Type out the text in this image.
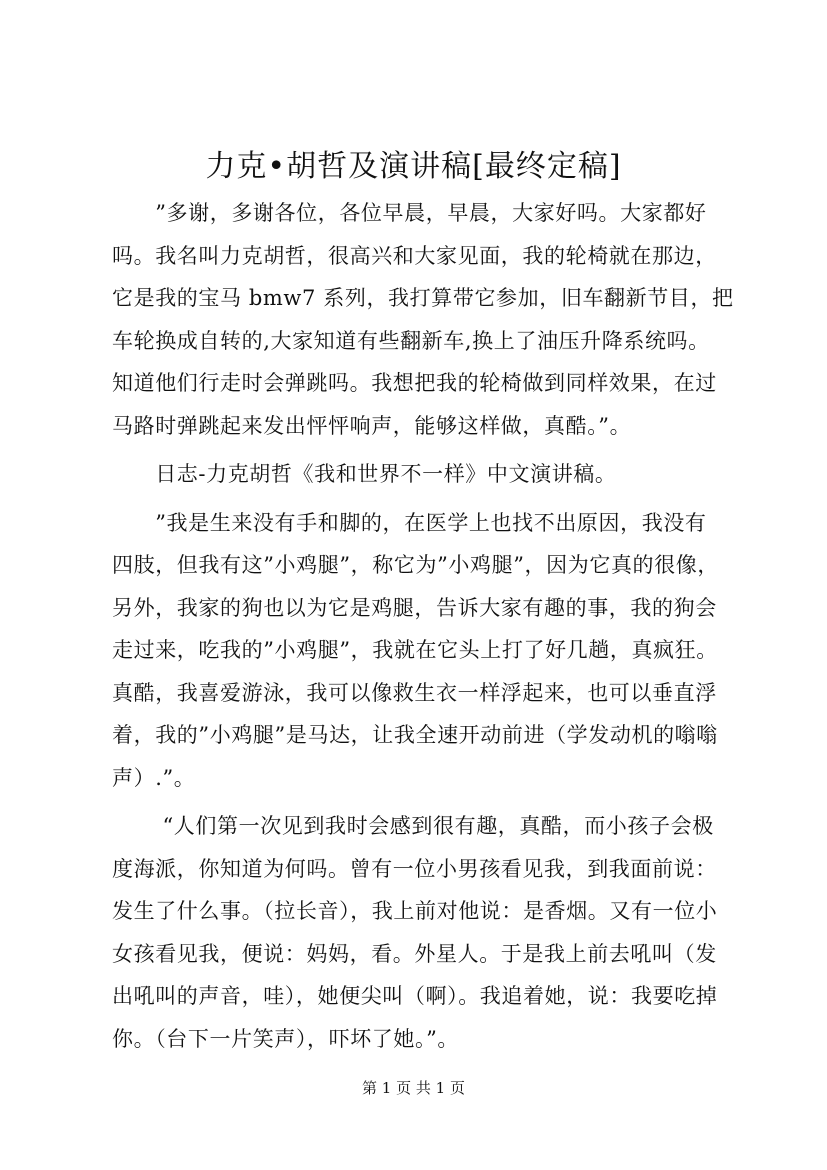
力克•胡哲及演讲稿[最终定稿]
　　”多谢，多谢各位，各位早晨，早晨，大家好吗。大家都好
吗。我名叫力克胡哲，很高兴和大家见面，我的轮椅就在那边，
它是我的宝马 bmw7 系列，我打算带它参加，旧车翻新节目，把
车轮换成自转的,大家知道有些翻新车,换上了油压升降系统吗。
知道他们行走时会弹跳吗。我想把我的轮椅做到同样效果，在过
马路时弹跳起来发出怦怦响声，能够这样做，真酷。”。
　　日志-力克胡哲《我和世界不一样》中文演讲稿。
　　”我是生来没有手和脚的，在医学上也找不出原因，我没有
四肢，但我有这”小鸡腿”，称它为”小鸡腿”，因为它真的很像，
另外，我家的狗也以为它是鸡腿，告诉大家有趣的事，我的狗会
走过来，吃我的”小鸡腿”，我就在它头上打了好几趟，真疯狂。
真酷，我喜爱游泳，我可以像救生衣一样浮起来，也可以垂直浮
着，我的”小鸡腿”是马达，让我全速开动前进（学发动机的嗡嗡
声）.”。
　　 “人们第一次见到我时会感到很有趣，真酷，而小孩子会极
度海派，你知道为何吗。曾有一位小男孩看见我，到我面前说：
发生了什么事。（拉长音），我上前对他说：是香烟。又有一位小
女孩看见我，便说：妈妈，看。外星人。于是我上前去吼叫（发
出吼叫的声音，哇），她便尖叫（啊）。我追着她，说：我要吃掉
你。（台下一片笑声），吓坏了她。”。
第 1 页 共 1 页
